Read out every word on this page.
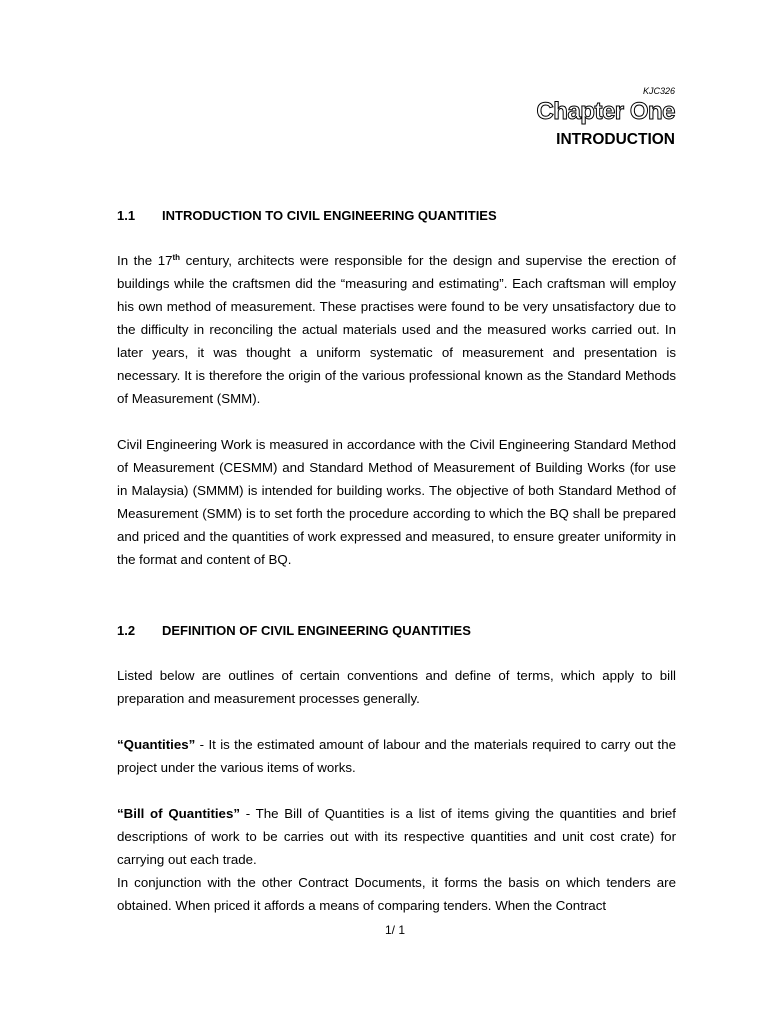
KJC326
Chapter One
INTRODUCTION
1.1 INTRODUCTION TO CIVIL ENGINEERING QUANTITIES

In the 17th century, architects were responsible for the design and supervise the erection of buildings while the craftsmen did the “measuring and estimating”. Each craftsman will employ his own method of measurement. These practises were found to be very unsatisfactory due to the difficulty in reconciling the actual materials used and the measured works carried out. In later years, it was thought a uniform systematic of measurement and presentation is necessary. It is therefore the origin of the various professional known as the Standard Methods of Measurement (SMM).

Civil Engineering Work is measured in accordance with the Civil Engineering Standard Method of Measurement (CESMM) and Standard Method of Measurement of Building Works (for use in Malaysia) (SMMM) is intended for building works. The objective of both Standard Method of Measurement (SMM) is to set forth the procedure according to which the BQ shall be prepared and priced and the quantities of work expressed and measured, to ensure greater uniformity in the format and content of BQ.

1.2 DEFINITION OF CIVIL ENGINEERING QUANTITIES

Listed below are outlines of certain conventions and define of terms, which apply to bill preparation and measurement processes generally.

“Quantities” - It is the estimated amount of labour and the materials required to carry out the project under the various items of works.

“Bill of Quantities” - The Bill of Quantities is a list of items giving the quantities and brief descriptions of work to be carries out with its respective quantities and unit cost crate) for carrying out each trade.

In conjunction with the other Contract Documents, it forms the basis on which tenders are obtained. When priced it affords a means of comparing tenders. When the Contract

1/ 1
